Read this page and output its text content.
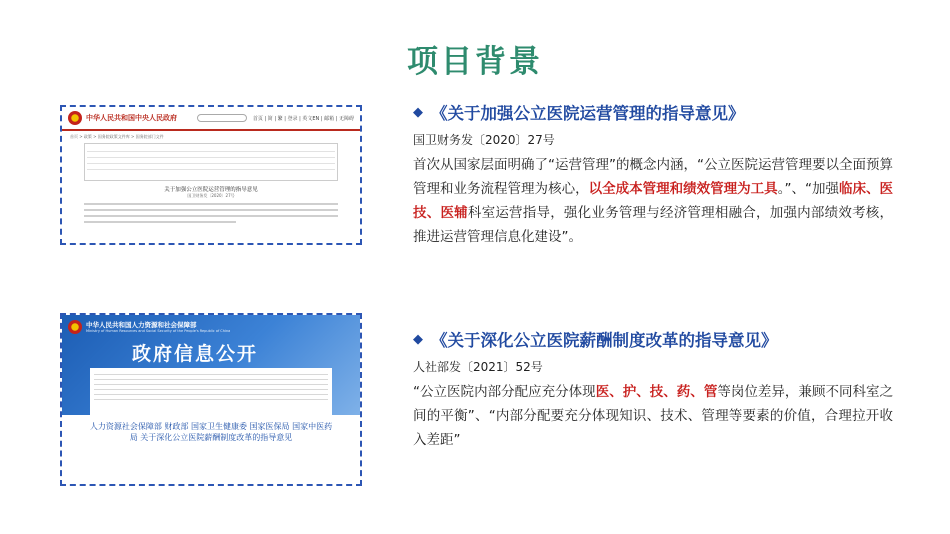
项目背景
中华人民共和国中央人民政府	首页 | 简 | 繁 | 登录 | 英文EN | 邮箱 | 无障碍
首页 > 政策 > 国务院政策文件库 > 国务院部门文件
关于加强公立医院运营管理的指导意见
国卫财务发〔2020〕27号
中华人民共和国人力资源和社会保障部
Ministry of Human Resources and Social Security of the People's Republic of China
政府信息公开
人力资源社会保障部 财政部 国家卫生健康委 国家医保局 国家中医药局 关于深化公立医院薪酬制度改革的指导意见
◆ 《关于加强公立医院运营管理的指导意见》
国卫财务发〔2020〕27号
首次从国家层面明确了“运营管理”的概念内涵，“公立医院运营管理要以全面预算管理和业务流程管理为核心，以全成本管理和绩效管理为工具。”、“加强临床、医技、医辅科室运营指导，强化业务管理与经济管理相融合，加强内部绩效考核，推进运营管理信息化建设”。
◆ 《关于深化公立医院薪酬制度改革的指导意见》
人社部发〔2021〕52号
“公立医院内部分配应充分体现医、护、技、药、管等岗位差异，兼顾不同科室之间的平衡”、“内部分配要充分体现知识、技术、管理等要素的价值，合理拉开收入差距”
